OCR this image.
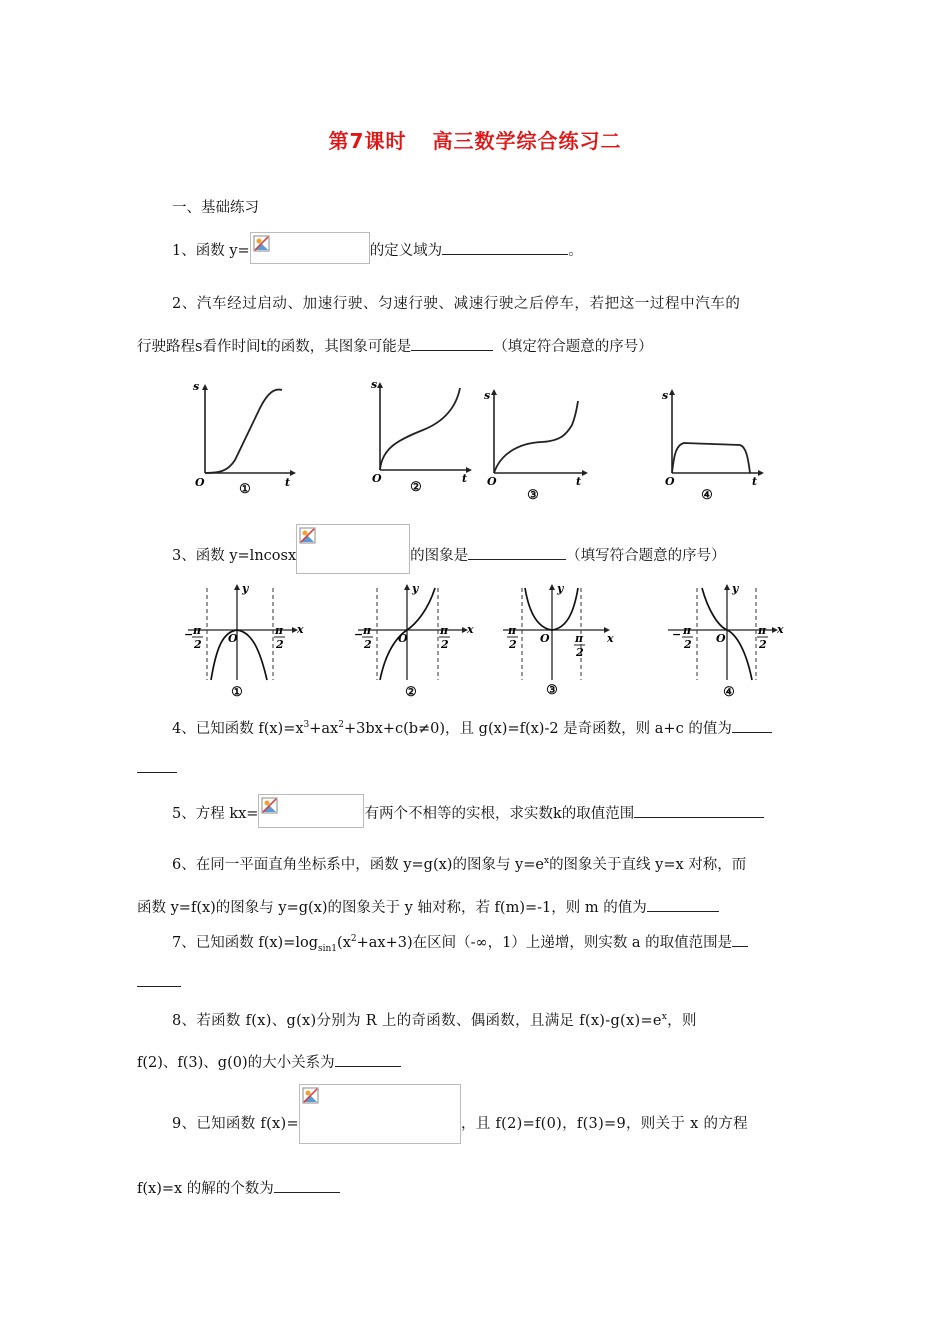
第7课时 高三数学综合练习二
一、基础练习
1、函数 y=	的定义域为	。
2、汽车经过启动、加速行驶、匀速行驶、减速行驶之后停车，若把这一过程中汽车的
行驶路程s看作时间t的函数，其图象可能是	（填定符合题意的序号）
s
O	t
①
s
O	t
②
s
O	t
③
s
O	t
④
3、函数 y=lncosx	的图象是	（填写符合题意的序号）
y
x
O
− π
2
π
2
①
y
x
O
− π
2
π
2
②
y
x
O
π
2	π
2
③
y
x
O
− π
2
π
2
④
4、已知函数 $f(x)=x^3+ax^2+3bx+c(b\ne 0)$，且 g(x)=f(x)-2 是奇函数，则 a+c 的值为
5、方程 kx=	有两个不相等的实根，求实数k的取值范围
6、在同一平面直角坐标系中，函数 y=g(x)的图象与 $y=e^x$的图象关于直线 y=x 对称，而
函数 y=f(x)的图象与 y=g(x)的图象关于 y 轴对称，若 f(m)=-1，则 m 的值为
7、已知函数 $f(x)=\log_{sin1}(x^2+ax+3)$在区间（-∞，1）上递增，则实数 a 的取值范围是
8、若函数 f(x)、g(x)分别为 R 上的奇函数、偶函数，且满足 $f(x)-g(x)=e^x$，则
f(2)、f(3)、g(0)的大小关系为
9、已知函数 f(x)=	，且 f(2)=f(0)，f(3)=9，则关于 x 的方程
f(x)=x 的解的个数为
